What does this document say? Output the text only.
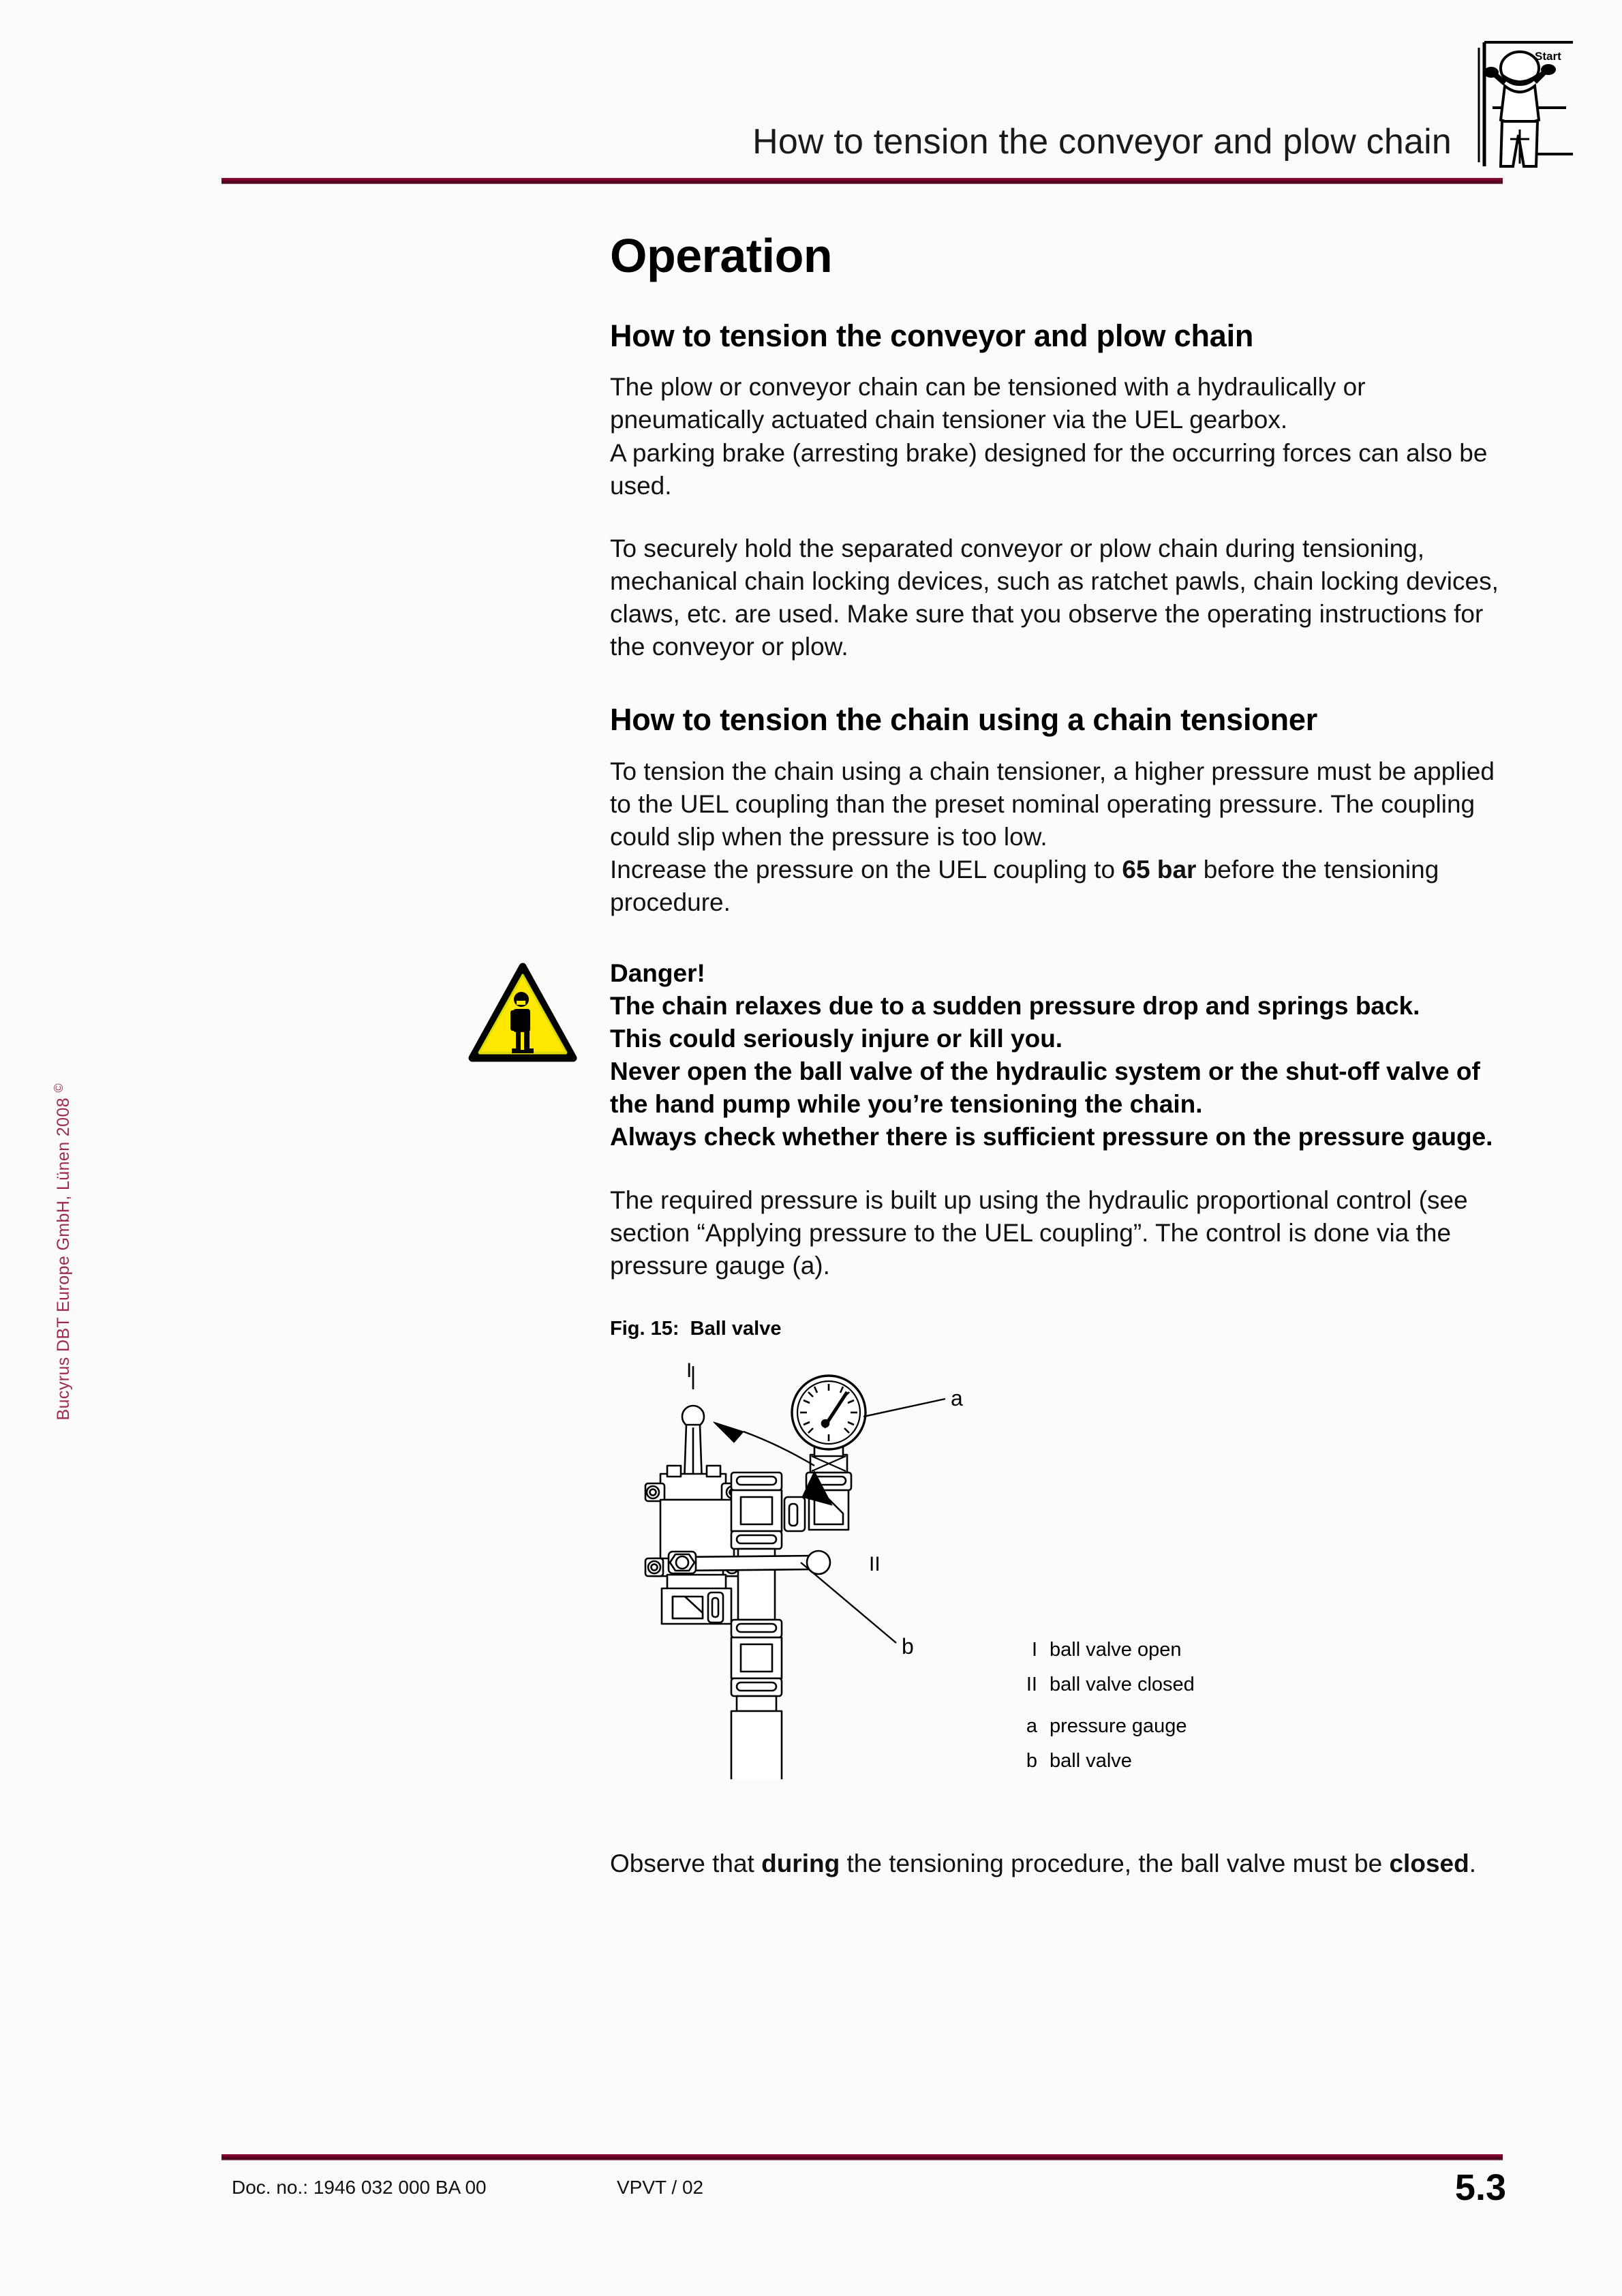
How to tension the conveyor and plow chain
Start
Bucyrus DBT Europe GmbH, Lünen 2008 ©
Operation
How to tension the conveyor and plow chain

The plow or conveyor chain can be tensioned with a hydraulically or pneumatically actuated chain tensioner via the UEL gearbox.

A parking brake (arresting brake) designed for the occurring forces can also be used.

To securely hold the separated conveyor or plow chain during tensioning, mechanical chain locking devices, such as ratchet pawls, chain locking devices, claws, etc. are used. Make sure that you observe the operating instructions for the conveyor or plow.

How to tension the chain using a chain tensioner

To tension the chain using a chain tensioner, a higher pressure must be applied to the UEL coupling than the preset nominal operating pressure. The coupling could slip when the pressure is too low.

Increase the pressure on the UEL coupling to 65 bar before the tensioning procedure.

Danger!
The chain relaxes due to a sudden pressure drop and springs back.
This could seriously injure or kill you.
Never open the ball valve of the hydraulic system or the shut-off valve of the hand pump while you’re tensioning the chain.
Always check whether there is sufficient pressure on the pressure gauge.

The required pressure is built up using the hydraulic proportional control (see section “Applying pressure to the UEL coupling”. The control is done via the pressure gauge (a).

Fig. 15: Ball valve
I
II
a
b	I ball valve open
II ball valve closed
a pressure gauge
b ball valve

Observe that during the tensioning procedure, the ball valve must be closed.

Doc. no.: 1946 032 000 BA 00	VPVT / 02	5.3
